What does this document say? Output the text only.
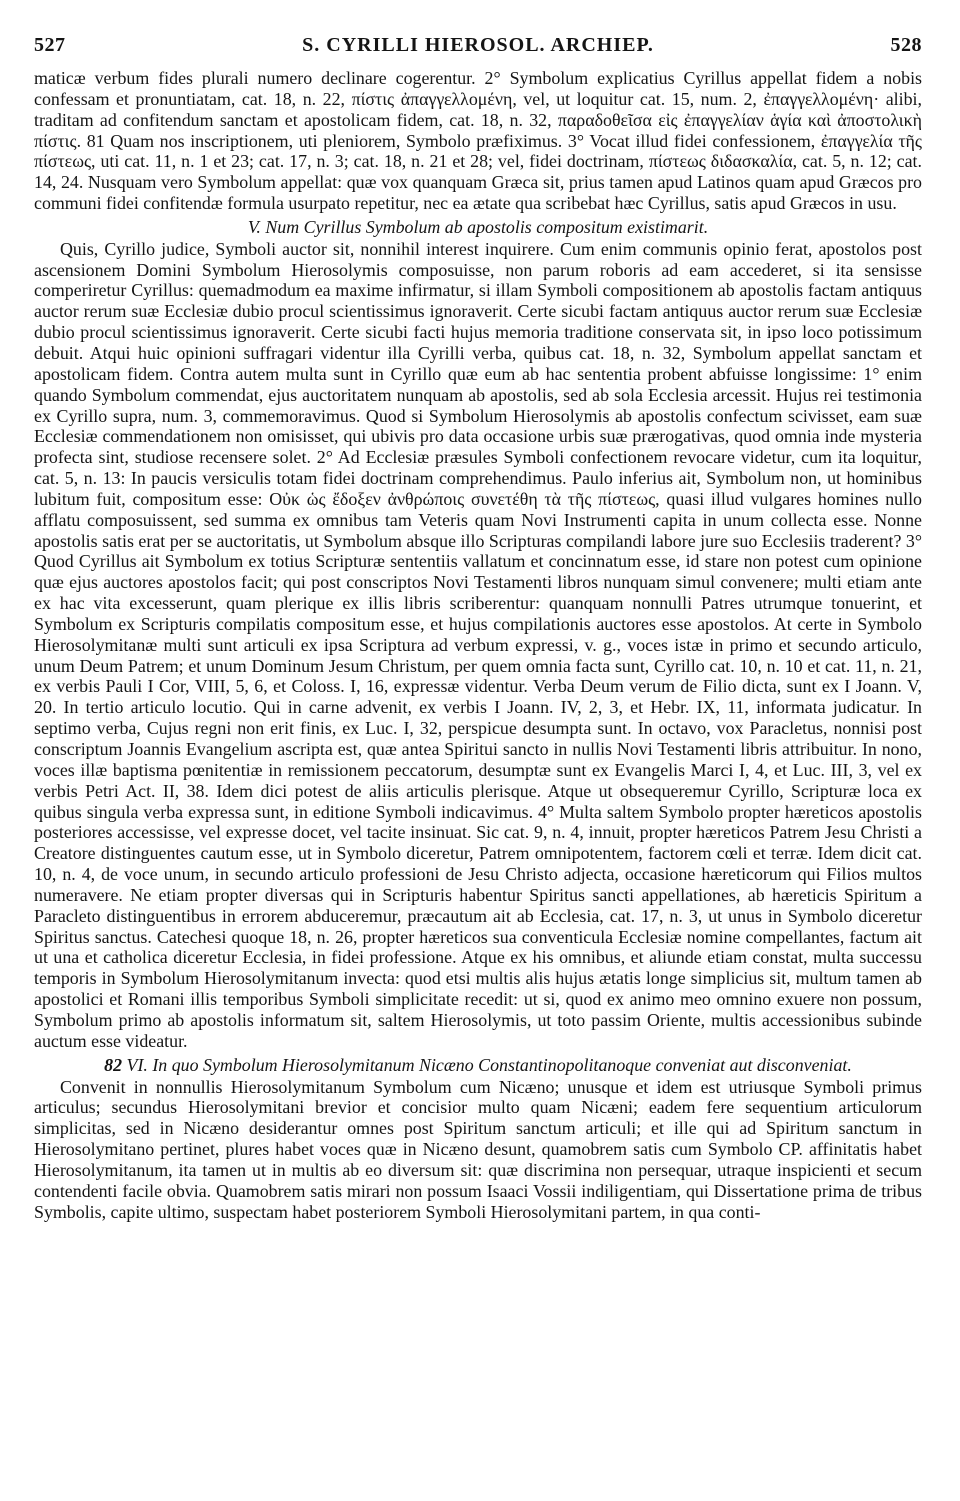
527	S. CYRILLI HIEROSOL. ARCHIEP.	528

maticæ verbum fides plurali numero declinare cogerentur. 2° Symbolum explicatius Cyrillus appellat fidem a nobis confessam et pronuntiatam, cat. 18, n. 22, πίστις ἀπαγγελλομένη, vel, ut loquitur cat. 15, num. 2, ἐπαγγελλομένη· alibi, traditam ad confitendum sanctam et apostolicam fidem, cat. 18, n. 32, παραδοθεῖσα εἰς ἐπαγγελίαν ἁγία καὶ ἀποστολικὴ πίστις. 81 Quam nos inscriptionem, uti pleniorem, Symbolo præfiximus. 3° Vocat illud fidei confessionem, ἐπαγγελία τῆς πίστεως, uti cat. 11, n. 1 et 23; cat. 17, n. 3; cat. 18, n. 21 et 28; vel, fidei doctrinam, πίστεως διδασκαλία, cat. 5, n. 12; cat. 14, 24. Nusquam vero Symbolum appellat: quæ vox quanquam Græca sit, prius tamen apud Latinos quam apud Græcos pro communi fidei confitendæ formula usurpato repetitur, nec ea ætate qua scribebat hæc Cyrillus, satis apud Græcos in usu.

V. Num Cyrillus Symbolum ab apostolis compositum existimarit.

Quis, Cyrillo judice, Symboli auctor sit, nonnihil interest inquirere. Cum enim communis opinio ferat, apostolos post ascensionem Domini Symbolum Hierosolymis composuisse, non parum roboris ad eam accederet, si ita sensisse comperiretur Cyrillus: quemadmodum ea maxime infirmatur, si illam Symboli compositionem ab apostolis factam antiquus auctor rerum suæ Ecclesiæ dubio procul scientissimus ignoraverit. Certe sicubi factam antiquus auctor rerum suæ Ecclesiæ dubio procul scientissimus ignoraverit. Certe sicubi facti hujus memoria traditione conservata sit, in ipso loco potissimum debuit. Atqui huic opinioni suffragari videntur illa Cyrilli verba, quibus cat. 18, n. 32, Symbolum appellat sanctam et apostolicam fidem. Contra autem multa sunt in Cyrillo quæ eum ab hac sententia probent abfuisse longissime: 1° enim quando Symbolum commendat, ejus auctoritatem nunquam ab apostolis, sed ab sola Ecclesia arcessit. Hujus rei testimonia ex Cyrillo supra, num. 3, commemoravimus. Quod si Symbolum Hierosolymis ab apostolis confectum scivisset, eam suæ Ecclesiæ commendationem non omisisset, qui ubivis pro data occasione urbis suæ prærogativas, quod omnia inde mysteria profecta sint, studiose recensere solet. 2° Ad Ecclesiæ præsules Symboli confectionem revocare videtur, cum ita loquitur, cat. 5, n. 13: In paucis versiculis totam fidei doctrinam comprehendimus. Paulo inferius ait, Symbolum non, ut hominibus lubitum fuit, compositum esse: Οὐκ ὡς ἔδοξεν ἀνθρώποις συνετέθη τὰ τῆς πίστεως, quasi illud vulgares homines nullo afflatu composuissent, sed summa ex omnibus tam Veteris quam Novi Instrumenti capita in unum collecta esse. Nonne apostolis satis erat per se auctoritatis, ut Symbolum absque illo Scripturas compilandi labore jure suo Ecclesiis traderent? 3° Quod Cyrillus ait Symbolum ex totius Scripturæ sententiis vallatum et concinnatum esse, id stare non potest cum opinione quæ ejus auctores apostolos facit; qui post conscriptos Novi Testamenti libros nunquam simul convenere; multi etiam ante ex hac vita excesserunt, quam plerique ex illis libris scriberentur: quanquam nonnulli Patres utrumque tonuerint, et Symbolum ex Scripturis compilatis compositum esse, et hujus compilationis auctores esse apostolos. At certe in Symbolo Hierosolymitanæ multi sunt articuli ex ipsa Scriptura ad verbum expressi, v. g., voces istæ in primo et secundo articulo, unum Deum Patrem; et unum Dominum Jesum Christum, per quem omnia facta sunt, Cyrillo cat. 10, n. 10 et cat. 11, n. 21, ex verbis Pauli I Cor, VIII, 5, 6, et Coloss. I, 16, expressæ videntur. Verba Deum verum de Filio dicta, sunt ex I Joann. V, 20. In tertio articulo locutio. Qui in carne advenit, ex verbis I Joann. IV, 2, 3, et Hebr. IX, 11, informata judicatur. In septimo verba, Cujus regni non erit finis, ex Luc. I, 32, perspicue desumpta sunt. In octavo, vox Paracletus, nonnisi post conscriptum Joannis Evangelium ascripta est, quæ antea Spiritui sancto in nullis Novi Testamenti libris attribuitur. In nono, voces illæ baptisma pœnitentiæ in remissionem peccatorum, desumptæ sunt ex Evangelis Marci I, 4, et Luc. III, 3, vel ex verbis Petri Act. II, 38. Idem dici potest de aliis articulis plerisque. Atque ut obsequeremur Cyrillo, Scripturæ loca ex quibus singula verba expressa sunt, in editione Symboli indicavimus. 4° Multa saltem Symbolo propter hæreticos apostolis posteriores accessisse, vel expresse docet, vel tacite insinuat. Sic cat. 9, n. 4, innuit, propter hæreticos Patrem Jesu Christi a Creatore distinguentes cautum esse, ut in Symbolo diceretur, Patrem omnipotentem, factorem cœli et terræ. Idem dicit cat. 10, n. 4, de voce unum, in secundo articulo professioni de Jesu Christo adjecta, occasione hæreticorum qui Filios multos numeravere. Ne etiam propter diversas qui in Scripturis habentur Spiritus sancti appellationes, ab hæreticis Spiritum a Paracleto distinguentibus in errorem abduceremur, præcautum ait ab Ecclesia, cat. 17, n. 3, ut unus in Symbolo diceretur Spiritus sanctus. Catechesi quoque 18, n. 26, propter hæreticos sua conventicula Ecclesiæ nomine compellantes, factum ait ut una et catholica diceretur Ecclesia, in fidei professione. Atque ex his omnibus, et aliunde etiam constat, multa successu temporis in Symbolum Hierosolymitanum invecta: quod etsi multis alis hujus ætatis longe simplicius sit, multum tamen ab apostolici et Romani illis temporibus Symboli simplicitate recedit: ut si, quod ex animo meo omnino exuere non possum, Symbolum primo ab apostolis informatum sit, saltem Hierosolymis, ut toto passim Oriente, multis accessionibus subinde auctum esse videatur.

82 VI. In quo Symbolum Hierosolymitanum Nicæno Constantinopolitanoque conveniat aut disconveniat.

Convenit in nonnullis Hierosolymitanum Symbolum cum Nicæno; unusque et idem est utriusque Symboli primus articulus; secundus Hierosolymitani brevior et concisior multo quam Nicæni; eadem fere sequentium articulorum simplicitas, sed in Nicæno desiderantur omnes post Spiritum sanctum articuli; et ille qui ad Spiritum sanctum in Hierosolymitano pertinet, plures habet voces quæ in Nicæno desunt, quamobrem satis cum Symbolo CP. affinitatis habet Hierosolymitanum, ita tamen ut in multis ab eo diversum sit: quæ discrimina non persequar, utraque inspicienti et secum contendenti facile obvia. Quamobrem satis mirari non possum Isaaci Vossii indiligentiam, qui Dissertatione prima de tribus Symbolis, capite ultimo, suspectam habet posteriorem Symboli Hierosolymitani partem, in qua conti-
